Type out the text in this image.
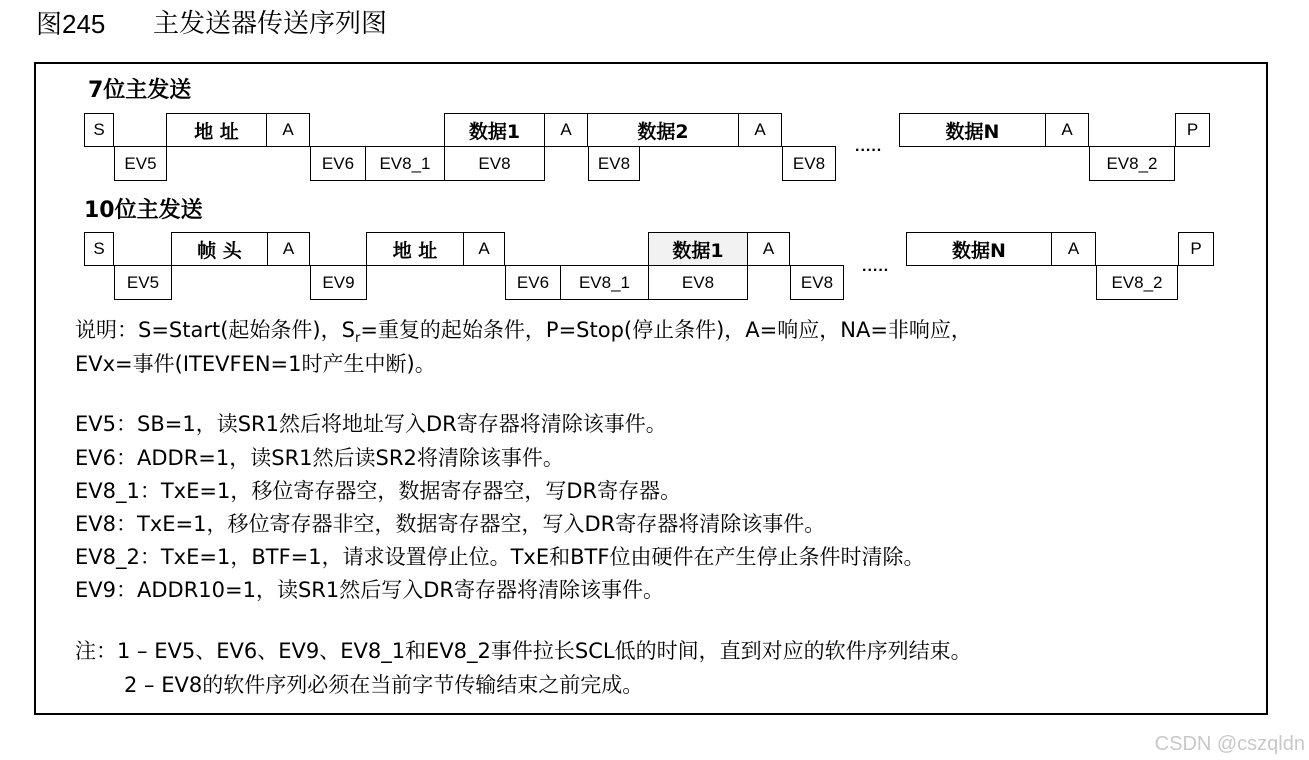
图245 主发送器传送序列图
7位主发送
S	地 址	A	数据1	A	数据2	A	数据N	A	P
EV5	EV6	EV8_1	EV8	EV8	EV8	EV8_2
.....
10位主发送
S	帧 头	A	地 址	A	数据1	A	数据N	A	P
EV5	EV9	EV6	EV8_1	EV8	EV8	EV8_2
.....
说明：S=Start(起始条件)，$S_r=$重复的起始条件，P=Stop(停止条件)，A=响应，NA=非响应，
EVx=事件(ITEVFEN=1时产生中断)。
EV5：SB=1，读SR1然后将地址写入DR寄存器将清除该事件。
EV6：ADDR=1，读SR1然后读SR2将清除该事件。
EV8_1：TxE=1，移位寄存器空，数据寄存器空，写DR寄存器。
EV8：TxE=1，移位寄存器非空，数据寄存器空，写入DR寄存器将清除该事件。
EV8_2：TxE=1，BTF=1，请求设置停止位。TxE和BTF位由硬件在产生停止条件时清除。
EV9：ADDR10=1，读SR1然后写入DR寄存器将清除该事件。
注：1 – EV5、EV6、EV9、EV8_1和EV8_2事件拉长SCL低的时间，直到对应的软件序列结束。
2 – EV8的软件序列必须在当前字节传输结束之前完成。
CSDN @cszqldn
